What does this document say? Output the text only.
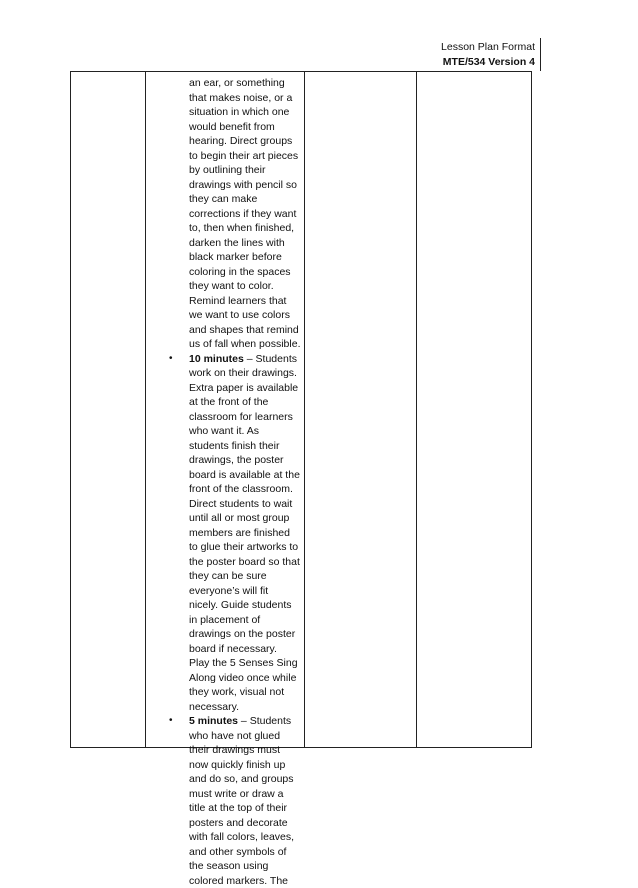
Lesson Plan Format
MTE/534 Version 4
an ear, or something
that makes noise, or a
situation in which one
would benefit from
hearing. Direct groups
to begin their art pieces
by outlining their
drawings with pencil so
they can make
corrections if they want
to, then when finished,
darken the lines with
black marker before
coloring in the spaces
they want to color.
Remind learners that
we want to use colors
and shapes that remind
us of fall when possible.
• 10 minutes – Students
work on their drawings.
Extra paper is available
at the front of the
classroom for learners
who want it. As
students finish their
drawings, the poster
board is available at the
front of the classroom.
Direct students to wait
until all or most group
members are finished
to glue their artworks to
the poster board so that
they can be sure
everyone’s will fit
nicely. Guide students
in placement of
drawings on the poster
board if necessary.
Play the 5 Senses Sing
Along video once while
they work, visual not
necessary.
• 5 minutes – Students
who have not glued
their drawings must
now quickly finish up
and do so, and groups
must write or draw a
title at the top of their
posters and decorate
with fall colors, leaves,
and other symbols of
the season using
colored markers. The
